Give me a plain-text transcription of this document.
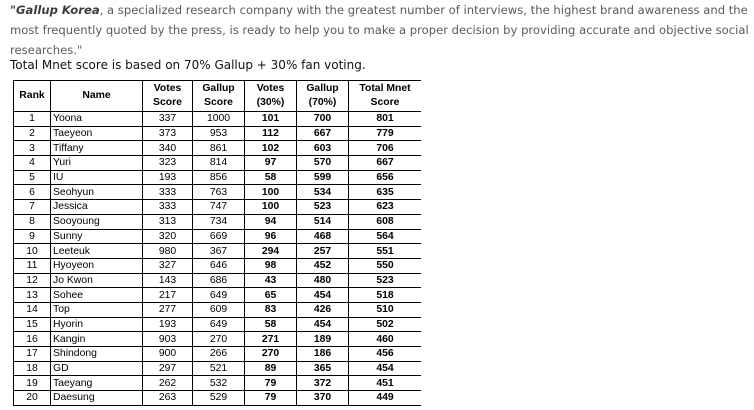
"Gallup Korea, a specialized research company with the greatest number of interviews, the highest brand awareness and the most frequently quoted by the press, is ready to help you to make a proper decision by providing accurate and objective social researches."

Total Mnet score is based on 70% Gallup + 30% fan voting.

Rank	Name	Votes Score	Gallup Score	Votes (30%)	Gallup (70%)	Total Mnet Score
1	Yoona	337	1000	101	700	801
2	Taeyeon	373	953	112	667	779
3	Tiffany	340	861	102	603	706
4	Yuri	323	814	97	570	667
5	IU	193	856	58	599	656
6	Seohyun	333	763	100	534	635
7	Jessica	333	747	100	523	623
8	Sooyoung	313	734	94	514	608
9	Sunny	320	669	96	468	564
10	Leeteuk	980	367	294	257	551
11	Hyoyeon	327	646	98	452	550
12	Jo Kwon	143	686	43	480	523
13	Sohee	217	649	65	454	518
14	Top	277	609	83	426	510
15	Hyorin	193	649	58	454	502
16	Kangin	903	270	271	189	460
17	Shindong	900	266	270	186	456
18	GD	297	521	89	365	454
19	Taeyang	262	532	79	372	451
20	Daesung	263	529	79	370	449
